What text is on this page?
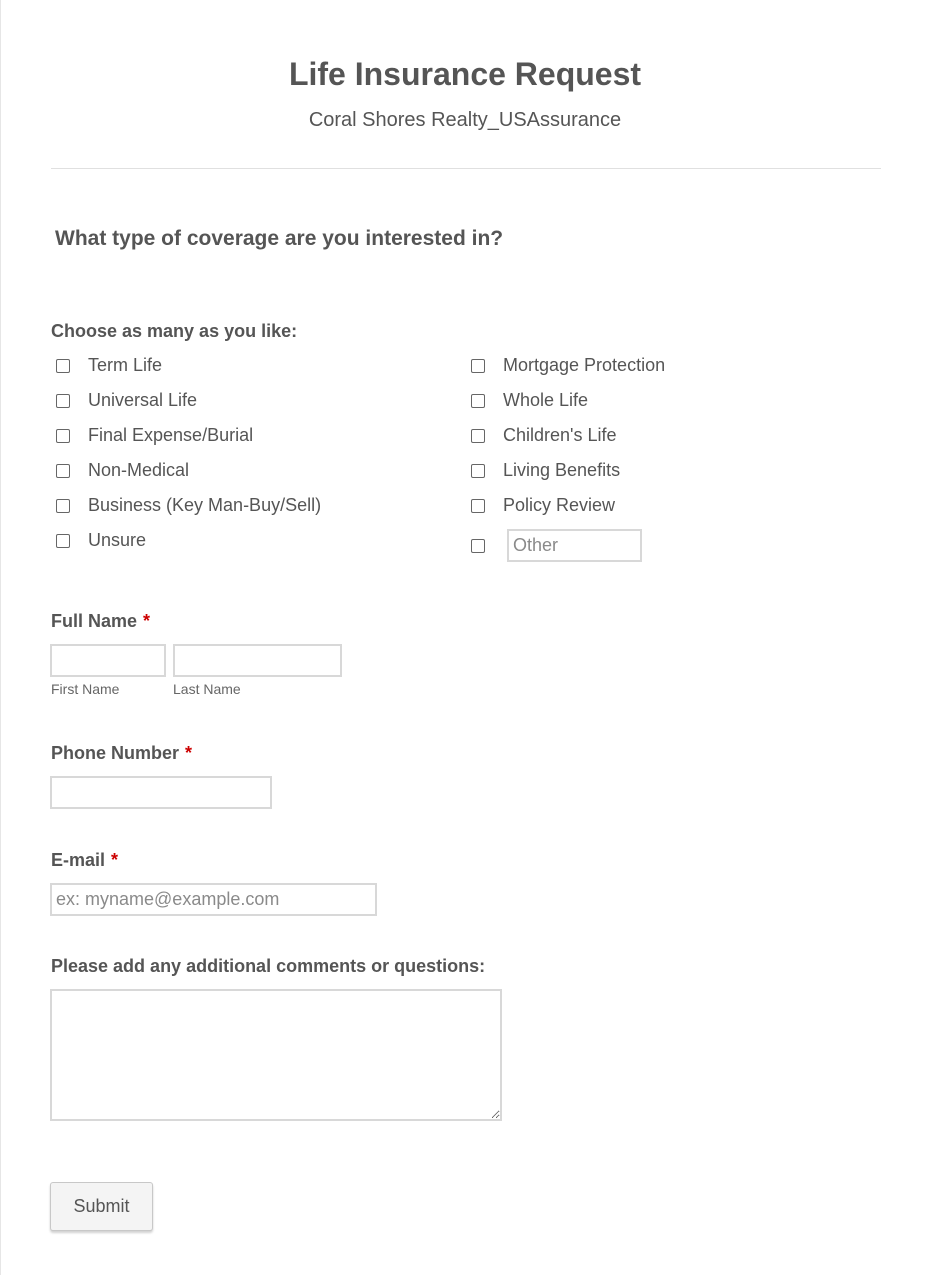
Life Insurance Request
Coral Shores Realty_USAssurance
What type of coverage are you interested in?
Choose as many as you like:
Term Life
Universal Life
Final Expense/Burial
Non-Medical
Business (Key Man-Buy/Sell)
Unsure
Mortgage Protection
Whole Life
Children's Life
Living Benefits
Policy Review
Other
Full Name *
First Name	Last Name
Phone Number *
E-mail *
ex: myname@example.com
Please add any additional comments or questions:
Submit
